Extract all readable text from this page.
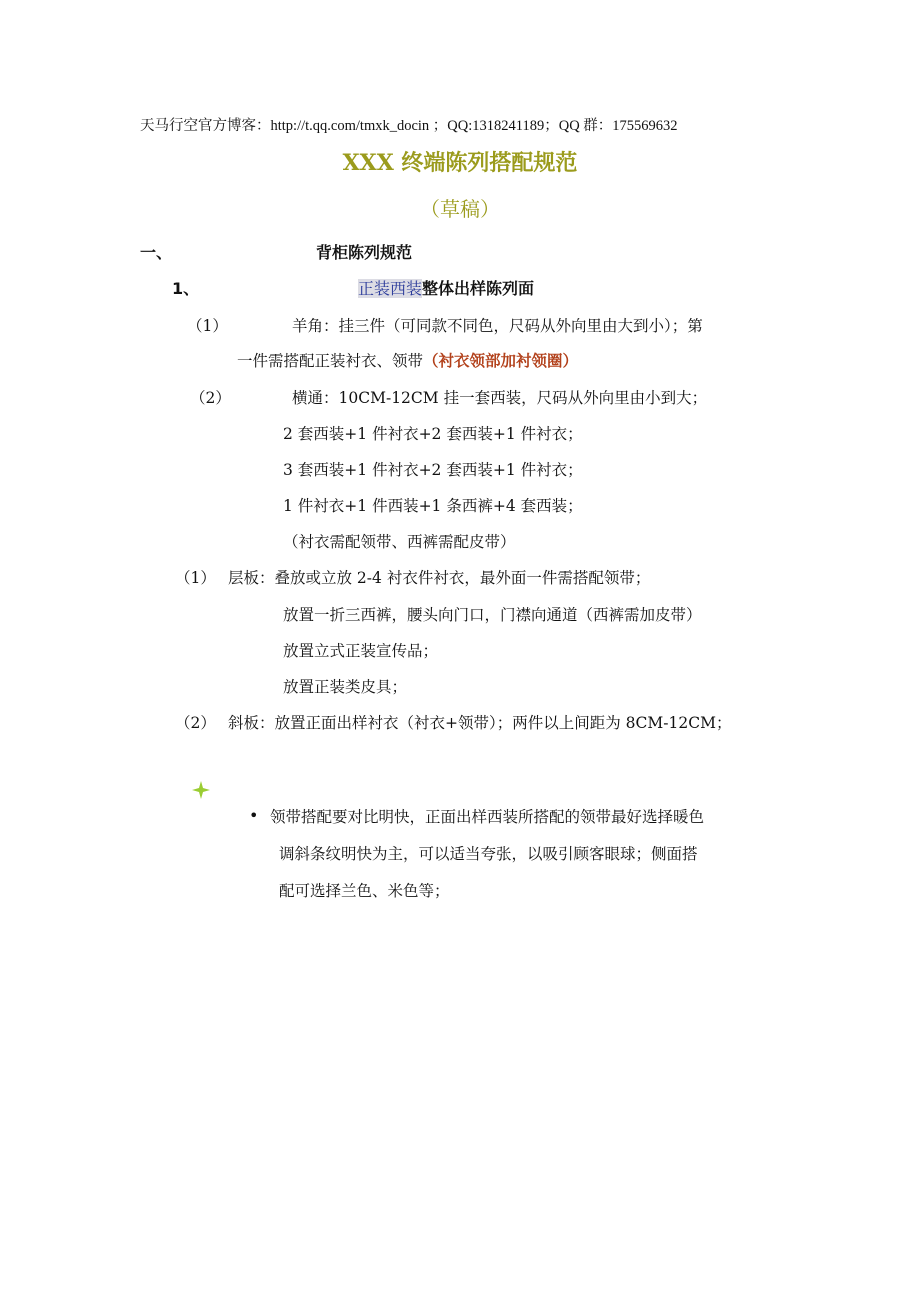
天马行空官方博客：http://t.qq.com/tmxk_docin ；QQ:1318241189；QQ 群：175569632
XXX 终端陈列搭配规范
（草稿）
一、	背柜陈列规范
1、	正装西装整体出样陈列面
（1）	羊角：挂三件（可同款不同色，尺码从外向里由大到小）；第
一件需搭配正装衬衣、领带（衬衣领部加衬领圈）
（2）	横通：10CM-12CM 挂一套西装，尺码从外向里由小到大；
2 套西装+1 件衬衣+2 套西装+1 件衬衣；
3 套西装+1 件衬衣+2 套西装+1 件衬衣；
1 件衬衣+1 件西装+1 条西裤+4 套西装；
（衬衣需配领带、西裤需配皮带）
（1） 层板：叠放或立放 2-4 衬衣件衬衣，最外面一件需搭配领带；
放置一折三西裤，腰头向门口，门襟向通道（西裤需加皮带）
放置立式正装宣传品；
放置正装类皮具；
（2） 斜板：放置正面出样衬衣（衬衣+领带）；两件以上间距为 8CM-12CM；
• 领带搭配要对比明快，正面出样西装所搭配的领带最好选择暖色
调斜条纹明快为主，可以适当夸张，以吸引顾客眼球；侧面搭
配可选择兰色、米色等；
